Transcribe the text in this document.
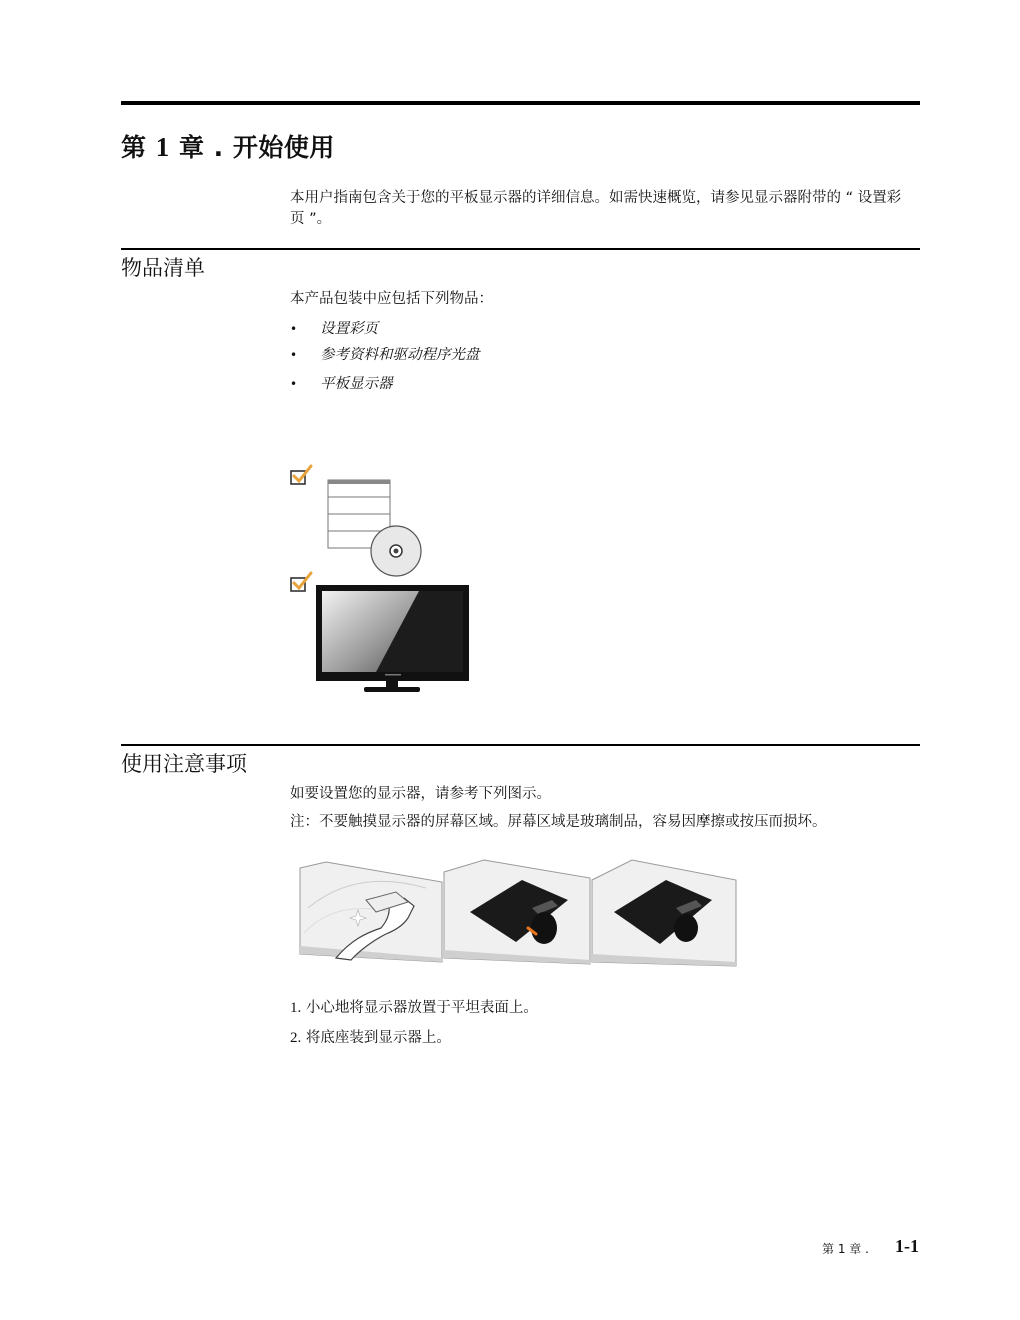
第 1 章 . 开始使用
本用户指南包含关于您的平板显示器的详细信息。如需快速概览，请参见显示器附带的 “ 设置彩页 ”。
物品清单
本产品包装中应包括下列物品：
• 设置彩页
• 参考资料和驱动程序光盘
• 平板显示器
使用注意事项
如要设置您的显示器，请参考下列图示。
注：不要触摸显示器的屏幕区域。屏幕区域是玻璃制品，容易因摩擦或按压而损坏。
1. 小心地将显示器放置于平坦表面上。
2. 将底座装到显示器上。
第 1 章 . 1-1
